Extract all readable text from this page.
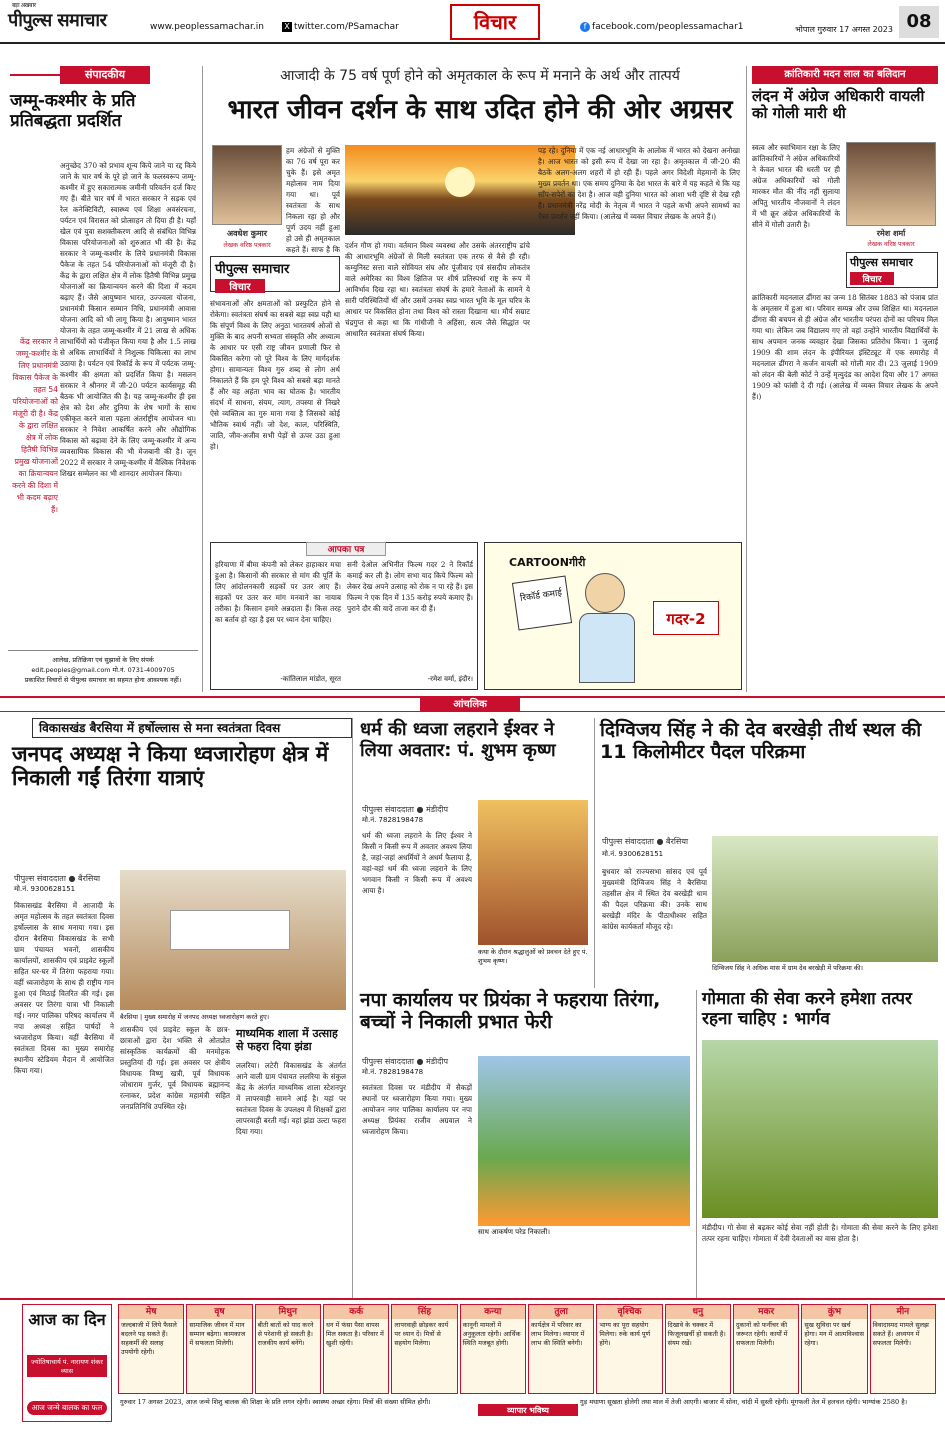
बड़ा अखबार
पीपुल्स समाचार	www.peoplessamachar.in	X twitter.com/PSamachar	विचार	f facebook.com/peoplessamachar1	भोपाल गुरुवार 17 अगस्त 2023 08
संपादकीय
जम्मू-कश्मीर के प्रति प्रतिबद्धता प्रदर्शित
अनुच्छेद 370 को प्रभाव शून्य किये जाने या रद्द किये जाने के चार वर्ष के पूरे हो जाने के फलस्वरूप जम्मू-कश्मीर में हुए सकारात्मक जमीनी परिवर्तन दर्ज किए गए हैं। बीते चार वर्ष में भारत सरकार ने सड़क एवं रेल कनेक्टिविटी, स्वास्थ्य एवं शिक्षा अवसंरचना, पर्यटन एवं विरासत को प्रोत्साहन तो दिया ही है। यहाँ खेल एवं युवा सशक्तीकरण आदि से संबंधित विभिन्न विकास परियोजनाओं को शुरुआत भी की है। केंद्र सरकार ने जम्मू-कश्मीर के लिये प्रधानमंत्री विकास पैकेज के तहत 54 परियोजनाओं को मंजूरी दी है। केंद्र के द्वारा लक्षित क्षेत्र में लोक हितैषी विभिन्न प्रमुख योजनाओं का क्रियान्वयन करने की दिशा में कदम बढ़ाए हैं। जैसे आयुष्मान भारत, उज्ज्वला योजना, प्रधानमंत्री किसान सम्मान निधि, प्रधानमंत्री आवास योजना आदि को भी लागू किया है। आयुष्मान भारत योजना के तहत जम्मू-कश्मीर में 21 लाख से अधिक लाभार्थियों को पंजीकृत किया गया है और 1.5 लाख से अधिक लाभार्थियों ने निशुल्क चिकित्सा का लाभ उठाया है। पर्यटन एवं रिकॉर्ड के रूप में पर्यटक जम्मू-कश्मीर की क्षमता को प्रदर्शित किया है। मसलन सरकार ने श्रीनगर में जी-20 पर्यटन कार्यसमूह की बैठक भी आयोजित की है। यह जम्मू-कश्मीर ही इस क्षेत्र को देश और दुनिया के शेष भागों के साथ एकीकृत करने वाला पहला अंतर्राष्ट्रीय आयोजन था। सरकार ने निवेश आकर्षित करने और औद्योगिक विकास को बढ़ावा देने के लिए जम्मू-कश्मीर में अन्य व्यवसायिक विकास की भी मेजबानी की है। जून 2022 में सरकार ने जम्मू-कश्मीर में वैश्विक निवेशक शिखर सम्मेलन का भी शानदार आयोजन किया।
केंद्र सरकार ने जम्मू-कश्मीर के लिए प्रधानमंत्री विकास पैकेज के तहत 54 परियोजनाओं को मंजूरी दी है। केंद्र के द्वारा लक्षित क्षेत्र में लोक हितैषी विभिन्न प्रमुख योजनाओं का क्रियान्वयन करने की दिशा में भी कदम बढ़ाए हैं।
आलेख, प्रतिक्रिया एवं सुझावों के लिए संपर्क
edit.peoples@gmail.com मो.नं. 0731-4009705
प्रकाशित विचारों से पीपुल्स समाचार का सहमत होना आवश्यक नहीं।
आजादी के 75 वर्ष पूर्ण होने को अमृतकाल के रूप में मनाने के अर्थ और तात्पर्य
भारत जीवन दर्शन के साथ उदित होने की ओर अग्रसर
अवधेश कुमार
लेखक वरिष्ठ पत्रकार
पीपुल्स समाचार
विचार
हम अंग्रेजों से मुक्ति का 76 वर्ष पूरा कर चुके हैं। इसे अमृत महोत्सव नाम दिया गया था। पूर्व स्वतंत्रता के साथ निकला रहा हो और पूर्ण उदय नहीं हुआ हो उसे ही अमृतकाल कहते हैं। साफ है कि
संभावनाओं और क्षमताओं को प्रस्फुटित होने से रोकेगा। स्वतंत्रता संघर्ष का सबसे बड़ा स्वप्न यही था कि संपूर्ण विश्व के लिए अनुठा भारतवर्ष ओजों से मुक्ति के बाद अपनी सभ्यता संस्कृति और अध्यात्म के आधार पर एसी राष्ट्र जीवन प्रणाली फिर से विकसित करेगा जो पूरे विश्व के लिए मार्गदर्शक होगा। सामान्यतः विश्व गुरु शब्द से लोग अर्थ निकालते हैं कि हम पूरे विश्व को सबसे बड़ा मानते हैं और वह अहंता भाव का घोतक है। भारतीय संदर्भ में साधना, संयम, त्याग, तपस्या से निखरे ऐसे व्यक्तित्व का गुरु माना गया है जिसको कोई भौतिक स्वार्थ नहीं। जो देश, काल, परिस्थिति, जाति, जीव-अजीव सभी पेड़ों से ऊपर उठा हुआ हो।
दर्शन गौण हो गया। वर्तमान विश्व व्यवस्था और उसके अंतरराष्ट्रीय ढांचे की आधारभूमि अंग्रेजों से मिली स्वतंत्रता एक तरफ से वैसे ही रही। कम्युनिस्ट सत्ता वाले सोवियत संघ और पूंजीवाद एवं संसदीय लोकतंत्र वाले अमेरिका का विश्व क्षितिज पर शीर्ष प्रतिस्पर्धा राष्ट्र के रूप में आविर्भाव दिख रहा था। स्वतंत्रता संघर्ष के हमारे नेताओं के सामने ये सारी परिस्थितियों थीं और उसमें उनका स्वप्न भारत भूमि के मूल चरित्र के आधार पर विकसित होना तथा विश्व को रास्ता दिखाना था। मौर्य सम्राट चंद्रगुप्त से कहा था कि गांधीजी ने अहिंसा, सत्य जैसे सिद्धांत पर आधारित स्वतंत्रता संघर्ष किया।
पड़ रहे। दुनिया में एक नई आधारभूमि के आलोक में भारत को देखना अनोखा है। आज भारत को इसी रूप में देखा जा रहा है। अमृतकाल में जी-20 की बैठकें अलग-अलग शहरों में हो रही हैं। पहले अगर विदेशी मेहमानों के लिए मुख्य प्रवर्तन था। एक समय दुनिया के देश भारत के बारे में यह कहते थे कि यह साँप-सपेरों का देश है। आज वही दुनिया भारत को आशा भरी दृष्टि से देख रही है। प्रधानमंत्री नरेंद्र मोदी के नेतृत्व में भारत ने पहले कभी अपने सामर्थ्य का ऐसा प्रदर्शन नहीं किया। (आलेख में व्यक्त विचार लेखक के अपने हैं।)
आपका पत्र
हरियाणा में बीमा कंपनी को लेकर हाहाकार मचा हुआ है। किसानों की सरकार से मांग की पूर्ति के लिए आंदोलनकारी सड़कों पर उतर आए हैं। सड़कों पर उतर कर मांग मनवाने का नायाब तरीका है। किसान हमारे अन्नदाता हैं। किस तरह का बर्ताव हो रहा है इस पर ध्यान देना चाहिए।
-कांतिलाल मांडोत, सूरत
सनी देओल अभिनीत फिल्म गदर 2 ने रिकॉर्ड कमाई कर ली है। लोग सभा याद किये फिल्म को लेकर देख अपने उत्साह को रोक न पा रहे हैं। इस फिल्म ने एक दिन में 135 करोड़ रुपये कमाए हैं। पुराने दौर की यादें ताजा कर दी हैं।
-रमेश वर्मा, इंदौर।
CARTOONगीरी
रिकॉर्ड कमाई
गदर-2
क्रांतिकारी मदन लाल का बलिदान
लंदन में अंग्रेज अधिकारी वायली को गोली मारी थी
स्वत्व और स्वाभिमान रक्षा के लिए क्रांतिकारियों ने अंग्रेज अधिकारियों ने केवल भारत की धरती पर ही अंग्रेज अधिकारियों को गोली मारकर मौत की नींद नहीं सुलाया अपितु भारतीय नौजवानों ने लंदन में भी क्रूर अंग्रेज अधिकारियों के सीने में गोली उतारी है।
रमेश शर्मा
लेखक वरिष्ठ पत्रकार
पीपुल्स समाचार
विचार
क्रांतिकारी मदनलाल ढींगरा का जन्म 18 सितंबर 1883 को पंजाब प्रांत के अमृतसर में हुआ था। परिवार सम्पन्न और उच्च शिक्षित था। मदनलाल ढींगरा की बचपन से ही अंग्रेज और भारतीय परंपरा दोनों का परिचय मिल गया था। लेकिन जब विद्यालय गए तो वहां उन्होंने भारतीय विद्यार्थियों के साथ अपमान जनक व्यवहार देखा जिसका प्रतिरोध किया। 1 जुलाई 1909 की शाम लंदन के इंपीरियल इंस्टिट्यूट में एक समारोह में मदनलाल ढींगरा ने कर्जन वायली को गोली मार दी। 23 जुलाई 1909 को लंदन की बेली कोर्ट ने उन्हें मृत्युदंड का आदेश दिया और 17 अगस्त 1909 को फांसी दे दी गई। (आलेख में व्यक्त विचार लेखक के अपने हैं।)
आंचलिक
विकासखंड बैरसिया में हर्षोल्लास से मना स्वतंत्रता दिवस
जनपद अध्यक्ष ने किया ध्वजारोहण क्षेत्र में निकाली गईं तिरंगा यात्राएं
पीपुल्स संवाददाता ● बैरसिया
मो.नं. 9300628151
विकासखंड बैरसिया में आजादी के अमृत महोत्सव के तहत स्वतंत्रता दिवस हर्षोल्लास के साथ मनाया गया। इस दौरान बैरसिया विकासखंड के सभी ग्राम पंचायत भवनों, शासकीय कार्यालयों, शासकीय एवं प्राइवेट स्कूलों सहित घर-घर में तिरंगा फहराया गया। वहीं ध्वजारोहण के साथ ही राष्ट्रीय गान हुआ एवं मिठाई वितरित की गई। इस अवसर पर तिरंगा यात्रा भी निकाली गई। नगर पालिका परिषद कार्यालय में नपा अध्यक्ष सहित पार्षदों ने ध्वजारोहण किया। वहीं बैरसिया में स्वतंत्रता दिवस का मुख्य समारोह स्थानीय स्टेडियम मैदान में आयोजित किया गया।
बैरसिया | मुख्य समारोह में जनपद अध्यक्ष ध्वजारोहण करते हुए।
शासकीय एवं प्राइवेट स्कूल के छात्र-छात्राओं द्वारा देश भक्ति से ओतप्रोत सांस्कृतिक कार्यक्रमों की मनमोहक प्रस्तुतियां दी गई। इस अवसर पर क्षेत्रीय विधायक विष्णु खत्री, पूर्व विधायक जोधाराम गुर्जर, पूर्व विधायक ब्रह्मानन्द रत्नाकर, प्रदेश कांग्रेस महामंत्री सहित जनप्रतिनिधि उपस्थित रहे।
माध्यमिक शाला में उत्साह से फहरा दिया झंडा
ललरिया। लटेरी विकासखंड के अंतर्गत आने वाली ग्राम पंचायत ललरिया के संकुल केंद्र के अंतर्गत माध्यमिक शाला स्टेशनपुर में लापरवाही सामने आई है। यहां पर स्वतंत्रता दिवस के उपलक्ष्य में शिक्षकों द्वारा लापरवाही बरती गई। वहां झंडा उल्टा फहरा दिया गया।
धर्म की ध्वजा लहराने ईश्वर ने लिया अवतार: पं. शुभम कृष्ण
पीपुल्स संवाददाता ● मंडीदीप
मो.नं. 7828198478
धर्म की ध्वजा लहराने के लिए ईश्वर ने किसी न किसी रूप में अवतार अवश्य लिया है, जहां-जहां अधर्मियों ने अधर्म फैलाया है, वहां-वहां धर्म की ध्वजा लहराने के लिए भगवान किसी न किसी रूप में अवश्य आया है।
कथा के दौरान श्रद्धालुओं को प्रवचन देते हुए पं. शुभम कृष्ण।
नपा कार्यालय पर प्रियंका ने फहराया तिरंगा, बच्चों ने निकाली प्रभात फेरी
पीपुल्स संवाददाता ● मंडीदीप
मो.नं. 7828198478
स्वतंत्रता दिवस पर मंडीदीप में सैकड़ों स्थानों पर ध्वजारोहण किया गया। मुख्य आयोजन नगर पालिका कार्यालय पर नपा अध्यक्ष प्रियंका राजीव अग्रवाल ने ध्वजारोहण किया।
साथ आकर्षण परेड निकाली।
दिग्विजय सिंह ने की देव बरखेड़ी तीर्थ स्थल की 11 किलोमीटर पैदल परिक्रमा
पीपुल्स संवाददाता ● बैरसिया
मो.नं. 9300628151
बुधवार को राज्यसभा सांसद एवं पूर्व मुख्यमंत्री दिग्विजय सिंह ने बैरसिया तहसील क्षेत्र में स्थित देव बरखेड़ी धाम की पैदल परिक्रमा की। उनके साथ बरखेड़ी मंदिर के पीठाधीश्वर सहित कांग्रेस कार्यकर्ता मौजूद रहे।
दिग्विजय सिंह ने अधिक मास में ग्राम देव बरखेड़ी में परिक्रमा की।
गोमाता की सेवा करने हमेशा तत्पर रहना चाहिए : भार्गव
मंडीदीप। गो सेवा से बढ़कर कोई सेवा नहीं होती है। गोमाता की सेवा करने के लिए हमेशा तत्पर रहना चाहिए। गोमाता में देवी देवताओं का वास होता है।
आज का दिन
ज्योतिषाचार्य पं. नारायण शंकर व्यास
आज जन्मे बालक का फल
मेष
जल्दबाजी में लिये फैसले बदलने पड़ सकते हैं। सहकर्मी की सलाह उपयोगी रहेगी।
वृष
सामाजिक जीवन में मान सम्मान बढ़ेगा। कामकाज में सफलता मिलेगी।
मिथुन
बीती बातों को याद करने से परेशानी हो सकती है। राजकीय कार्य बनेंगे।
कर्क
धन में फंसा पैसा वापस मिल सकता है। परिवार में खुशी रहेगी।
सिंह
लापरवाही छोड़कर कार्य पर ध्यान दें। मित्रों से सहयोग मिलेगा।
कन्या
कानूनी मामलों में अनुकूलता रहेगी। आर्थिक स्थिति मजबूत होगी।
तुला
कार्यक्षेत्र में परिवार का लाभ मिलेगा। व्यापार में लाभ की स्थिति बनेगी।
वृश्चिक
भाग्य का पूरा सहयोग मिलेगा। रुके कार्य पूर्ण होंगे।
धनु
दिखावे के चक्कर में फिजूलखर्ची हो सकती है। संयम रखें।
मकर
दुकानों को फर्नीचर की जरूरत रहेगी। कार्यों में सफलता मिलेगी।
कुंभ
सुख सुविधा पर खर्च होगा। मन में आत्मविश्वास रहेगा।
मीन
विवादास्पद मामले सुलझ सकते हैं। अध्ययन में सफलता मिलेगी।
गुरुवार 17 अगस्त 2023, आज जन्मे शिशु बालक की शिक्षा के प्रति लगन रहेगी। स्वास्थ्य अच्छा रहेगा। मित्रों की संख्या सीमित होगी।
व्यापार भविष्य
गुड़ मधाणा सूखता होलेगी तथा माल में तेजी आएगी। बाजार में सोना, चांदी में सुस्ती रहेगी। मूंगफली तेल में हलचल रहेगी। भाग्यांक 2580 है।
